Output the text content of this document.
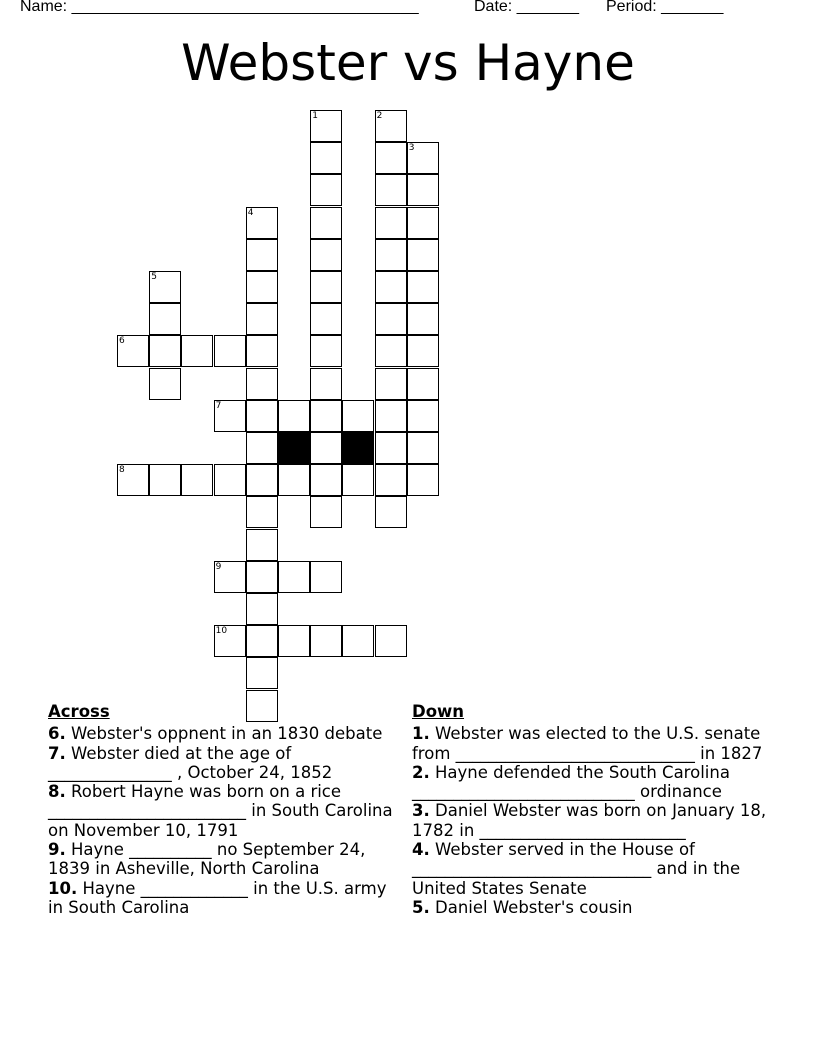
Name: _______________________________________	Date: _______ Period: _______
Webster vs Hayne
1	2
3
4
5
6
7
8
9
10
Across
6. Webster's oppnent in an 1830 debate
7. Webster died at the age of _______________ , October 24, 1852
8. Robert Hayne was born on a rice ________________________ in South Carolina on November 10, 1791
9. Hayne __________ no September 24, 1839 in Asheville, North Carolina
10. Hayne _____________ in the U.S. army in South Carolina
Down
1. Webster was elected to the U.S. senate from _____________________________ in 1827
2. Hayne defended the South Carolina ___________________________ ordinance
3. Daniel Webster was born on January 18, 1782 in _________________________
4. Webster served in the House of _____________________________ and in the United States Senate
5. Daniel Webster's cousin
